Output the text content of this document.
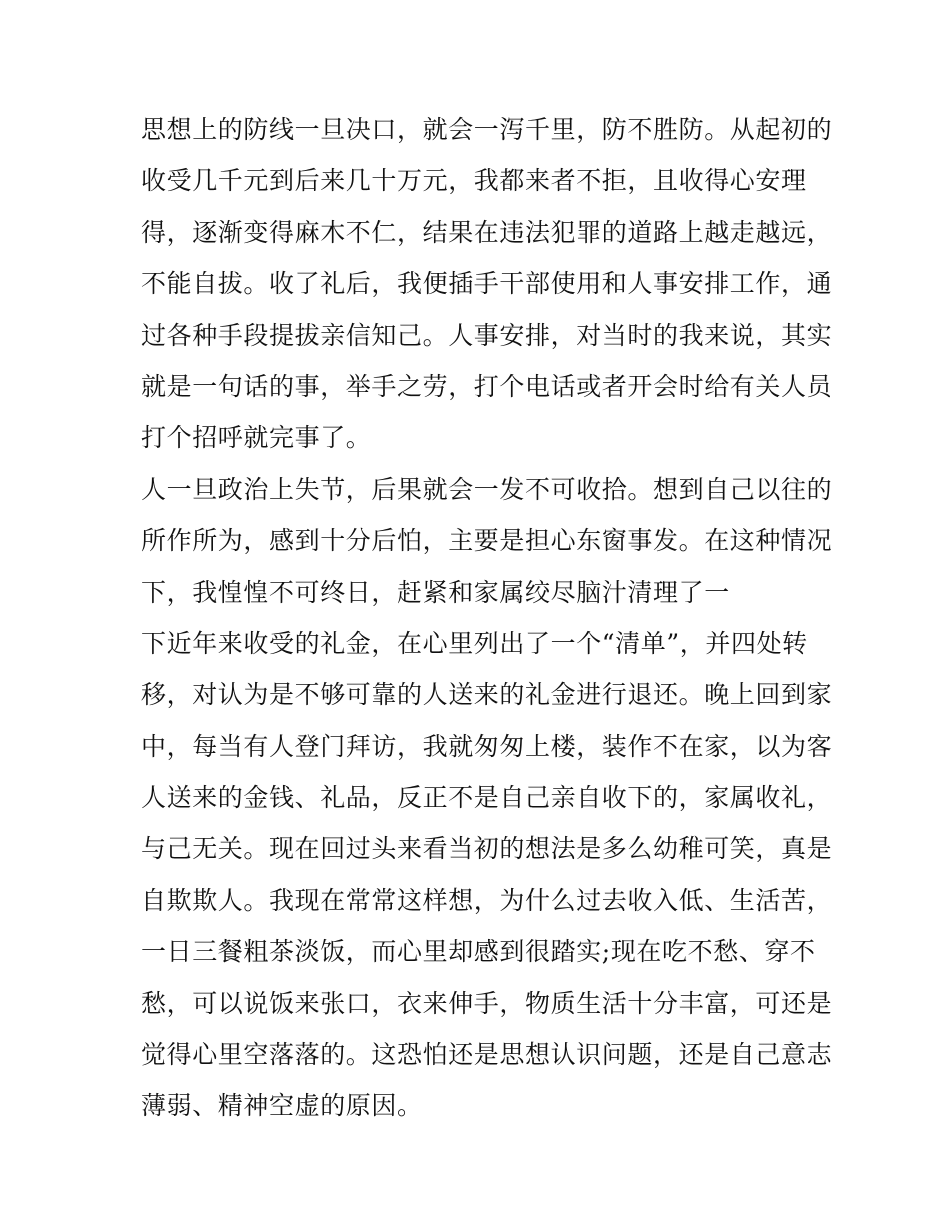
思想上的防线一旦决口，就会一泻千里，防不胜防。从起初的
收受几千元到后来几十万元，我都来者不拒，且收得心安理
得，逐渐变得麻木不仁，结果在违法犯罪的道路上越走越远，
不能自拔。收了礼后，我便插手干部使用和人事安排工作，通
过各种手段提拔亲信知己。人事安排，对当时的我来说，其实
就是一句话的事，举手之劳，打个电话或者开会时给有关人员
打个招呼就完事了。
人一旦政治上失节，后果就会一发不可收拾。想到自己以往的
所作所为，感到十分后怕，主要是担心东窗事发。在这种情况
下，我惶惶不可终日，赶紧和家属绞尽脑汁清理了一
下近年来收受的礼金，在心里列出了一个“清单”，并四处转
移，对认为是不够可靠的人送来的礼金进行退还。晚上回到家
中，每当有人登门拜访，我就匆匆上楼，装作不在家，以为客
人送来的金钱、礼品，反正不是自己亲自收下的，家属收礼，
与己无关。现在回过头来看当初的想法是多么幼稚可笑，真是
自欺欺人。我现在常常这样想，为什么过去收入低、生活苦，
一日三餐粗茶淡饭，而心里却感到很踏实;现在吃不愁、穿不
愁，可以说饭来张口，衣来伸手，物质生活十分丰富，可还是
觉得心里空落落的。这恐怕还是思想认识问题，还是自己意志
薄弱、精神空虚的原因。
